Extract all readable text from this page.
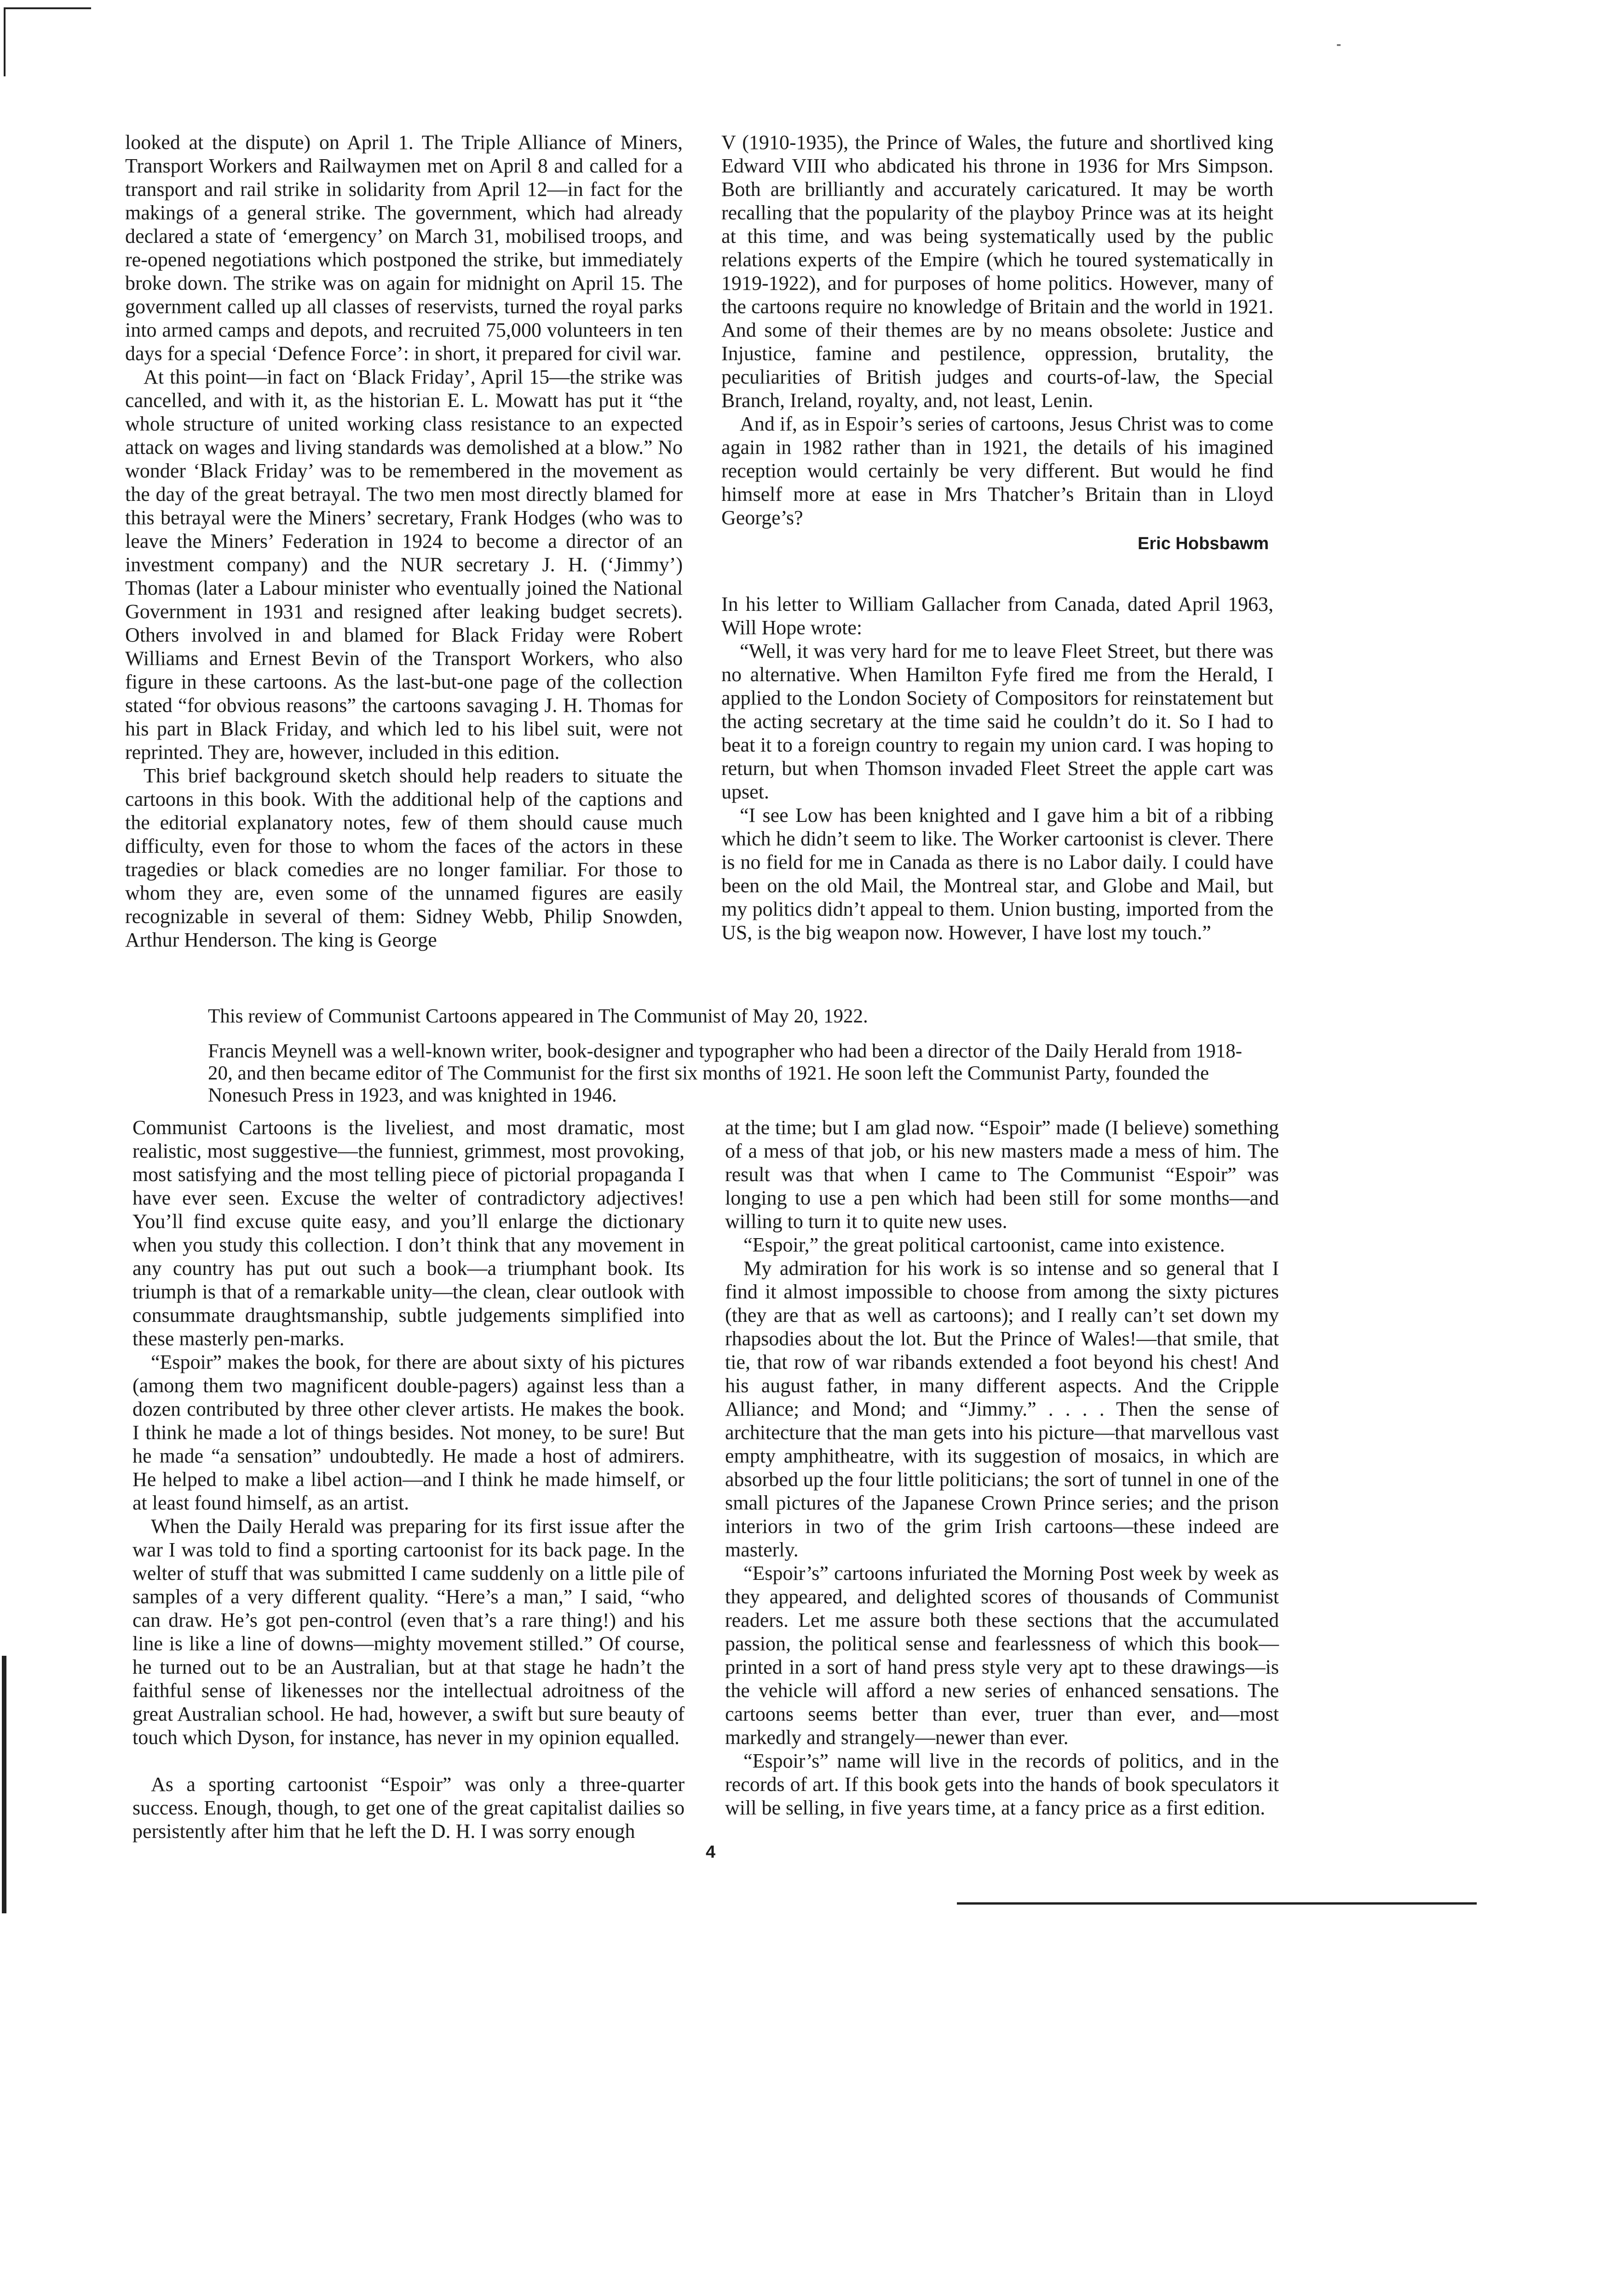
looked at the dispute) on April 1. The Triple Alliance of Miners, Transport Workers and Railwaymen met on April 8 and called for a transport and rail strike in solidarity from April 12—in fact for the makings of a general strike. The government, which had already declared a state of ‘emergency’ on March 31, mobilised troops, and re-opened negotiations which postponed the strike, but immediately broke down. The strike was on again for midnight on April 15. The government called up all classes of reservists, turned the royal parks into armed camps and depots, and recruited 75,000 volunteers in ten days for a special ‘Defence Force’: in short, it prepared for civil war.

At this point—in fact on ‘Black Friday’, April 15—the strike was cancelled, and with it, as the historian E. L. Mowatt has put it “the whole structure of united working class resistance to an expected attack on wages and living standards was demolished at a blow.” No wonder ‘Black Friday’ was to be remembered in the movement as the day of the great betrayal. The two men most directly blamed for this betrayal were the Miners’ secretary, Frank Hodges (who was to leave the Miners’ Federation in 1924 to become a director of an investment company) and the NUR secretary J. H. (‘Jimmy’) Thomas (later a Labour minister who eventually joined the National Government in 1931 and resigned after leaking budget secrets). Others involved in and blamed for Black Friday were Robert Williams and Ernest Bevin of the Transport Workers, who also figure in these cartoons. As the last-but-one page of the collection stated “for obvious reasons” the cartoons savaging J. H. Thomas for his part in Black Friday, and which led to his libel suit, were not reprinted. They are, however, included in this edition.

This brief background sketch should help readers to situate the cartoons in this book. With the additional help of the captions and the editorial explanatory notes, few of them should cause much difficulty, even for those to whom the faces of the actors in these tragedies or black comedies are no longer familiar. For those to whom they are, even some of the unnamed figures are easily recognizable in several of them: Sidney Webb, Philip Snowden, Arthur Henderson. The king is George

V (1910-1935), the Prince of Wales, the future and shortlived king Edward VIII who abdicated his throne in 1936 for Mrs Simpson. Both are brilliantly and accurately caricatured. It may be worth recalling that the popularity of the playboy Prince was at its height at this time, and was being systematically used by the public relations experts of the Empire (which he toured systematically in 1919-1922), and for purposes of home politics. However, many of the cartoons require no knowledge of Britain and the world in 1921. And some of their themes are by no means obsolete: Justice and Injustice, famine and pestilence, oppression, brutality, the peculiarities of British judges and courts-of-law, the Special Branch, Ireland, royalty, and, not least, Lenin.

And if, as in Espoir’s series of cartoons, Jesus Christ was to come again in 1982 rather than in 1921, the details of his imagined reception would certainly be very different. But would he find himself more at ease in Mrs Thatcher’s Britain than in Lloyd George’s?

Eric Hobsbawm

In his letter to William Gallacher from Canada, dated April 1963, Will Hope wrote:

“Well, it was very hard for me to leave Fleet Street, but there was no alternative. When Hamilton Fyfe fired me from the Herald, I applied to the London Society of Compositors for reinstatement but the acting secretary at the time said he couldn’t do it. So I had to beat it to a foreign country to regain my union card. I was hoping to return, but when Thomson invaded Fleet Street the apple cart was upset.

“I see Low has been knighted and I gave him a bit of a ribbing which he didn’t seem to like. The Worker cartoonist is clever. There is no field for me in Canada as there is no Labor daily. I could have been on the old Mail, the Montreal star, and Globe and Mail, but my politics didn’t appeal to them. Union busting, imported from the US, is the big weapon now. However, I have lost my touch.”

This review of Communist Cartoons appeared in The Communist of May 20, 1922.

Francis Meynell was a well-known writer, book-designer and typographer who had been a director of the Daily Herald from 1918-20, and then became editor of The Communist for the first six months of 1921. He soon left the Communist Party, founded the Nonesuch Press in 1923, and was knighted in 1946.

Communist Cartoons is the liveliest, and most dramatic, most realistic, most suggestive—the funniest, grimmest, most provoking, most satisfying and the most telling piece of pictorial propaganda I have ever seen. Excuse the welter of contradictory adjectives! You’ll find excuse quite easy, and you’ll enlarge the dictionary when you study this collection. I don’t think that any movement in any country has put out such a book—a triumphant book. Its triumph is that of a remarkable unity—the clean, clear outlook with consummate draughtsmanship, subtle judgements simplified into these masterly pen-marks.

“Espoir” makes the book, for there are about sixty of his pictures (among them two magnificent double-pagers) against less than a dozen contributed by three other clever artists. He makes the book. I think he made a lot of things besides. Not money, to be sure! But he made “a sensation” undoubtedly. He made a host of admirers. He helped to make a libel action—and I think he made himself, or at least found himself, as an artist.

When the Daily Herald was preparing for its first issue after the war I was told to find a sporting cartoonist for its back page. In the welter of stuff that was submitted I came suddenly on a little pile of samples of a very different quality. “Here’s a man,” I said, “who can draw. He’s got pen-control (even that’s a rare thing!) and his line is like a line of downs—mighty movement stilled.” Of course, he turned out to be an Australian, but at that stage he hadn’t the faithful sense of likenesses nor the intellectual adroitness of the great Australian school. He had, however, a swift but sure beauty of touch which Dyson, for instance, has never in my opinion equalled.

As a sporting cartoonist “Espoir” was only a three-quarter success. Enough, though, to get one of the great capitalist dailies so persistently after him that he left the D. H. I was sorry enough

at the time; but I am glad now. “Espoir” made (I believe) something of a mess of that job, or his new masters made a mess of him. The result was that when I came to The Communist “Espoir” was longing to use a pen which had been still for some months—and willing to turn it to quite new uses.

“Espoir,” the great political cartoonist, came into existence.

My admiration for his work is so intense and so general that I find it almost impossible to choose from among the sixty pictures (they are that as well as cartoons); and I really can’t set down my rhapsodies about the lot. But the Prince of Wales!—that smile, that tie, that row of war ribands extended a foot beyond his chest! And his august father, in many different aspects. And the Cripple Alliance; and Mond; and “Jimmy.” . . . . Then the sense of architecture that the man gets into his picture—that marvellous vast empty amphitheatre, with its suggestion of mosaics, in which are absorbed up the four little politicians; the sort of tunnel in one of the small pictures of the Japanese Crown Prince series; and the prison interiors in two of the grim Irish cartoons—these indeed are masterly.

“Espoir’s” cartoons infuriated the Morning Post week by week as they appeared, and delighted scores of thousands of Communist readers. Let me assure both these sections that the accumulated passion, the political sense and fearlessness of which this book—printed in a sort of hand press style very apt to these drawings—is the vehicle will afford a new series of enhanced sensations. The cartoons seems better than ever, truer than ever, and—most markedly and strangely—newer than ever.

“Espoir’s” name will live in the records of politics, and in the records of art. If this book gets into the hands of book speculators it will be selling, in five years time, at a fancy price as a first edition.

4
